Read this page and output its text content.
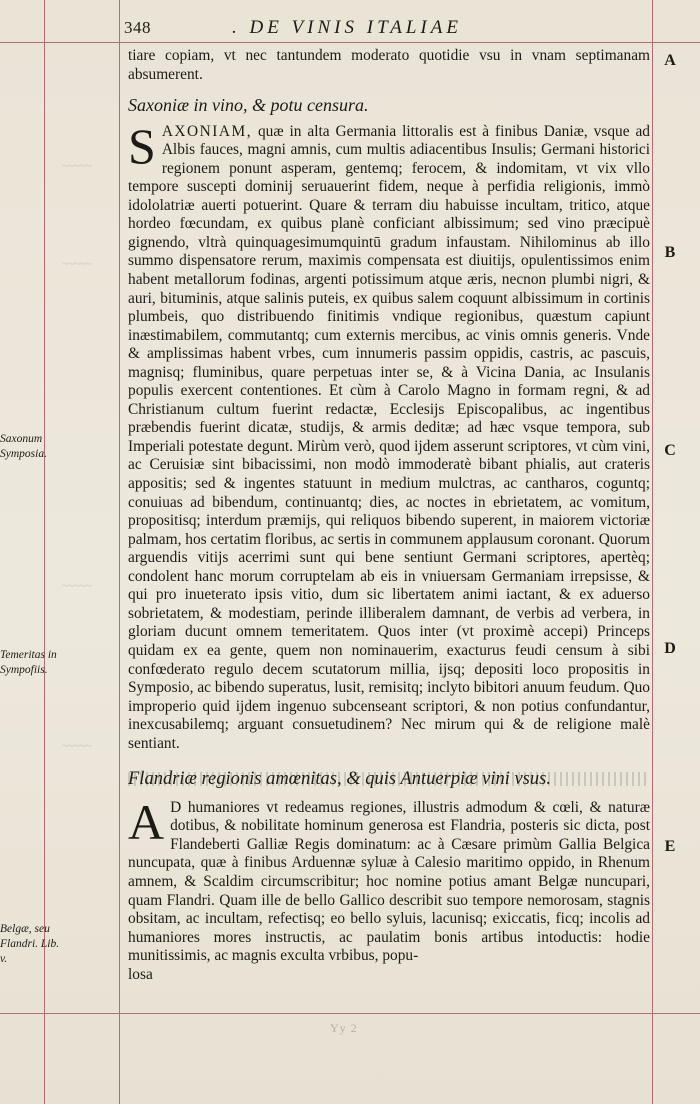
~~~~~
~~~~~
~~~~~
~~~~~
348	. DE VINIS ITALIAE
Saxonum Symposia.
Temeritas in Sympofiis.
Belgæ, seu Flandri. Lib. v.
A
B
C
D
E

tiare copiam, vt nec tantundem moderato quotidie vsu in vnam septimanam absumerent.

Saxoniæ in vino, & potu censura.

SAXONIAM, quæ in alta Germania littoralis est à finibus Daniæ, vsque ad Albis fauces, magni amnis, cum multis adiacentibus Insulis; Germani historici regionem ponunt asperam, gentemq; ferocem, & indomitam, vt vix vllo tempore suscepti dominij seruauerint fidem, neque à perfidia religionis, immò idololatriæ auerti potuerint. Quare & terram diu habuisse incultam, tritico, atque hordeo fœcundam, ex quibus planè conficiant albissimum; sed vino præcipuè gignendo, vltrà quinquagesimumquintū gradum infaustam. Nihilominus ab illo summo dispensatore rerum, maximis compensata est diuitijs, opulentissimos enim habent metallorum fodinas, argenti potissimum atque æris, necnon plumbi nigri, & auri, bituminis, atque salinis puteis, ex quibus salem coquunt albissimum in cortinis plumbeis, quo distribuendo finitimis vndique regionibus, quæstum capiunt inæstimabilem, commutantq; cum externis mercibus, ac vinis omnis generis. Vnde & amplissimas habent vrbes, cum innumeris passim oppidis, castris, ac pascuis, magnisq; fluminibus, quare perpetuas inter se, & à Vicina Dania, ac Insulanis populis exercent contentiones. Et cùm à Carolo Magno in formam regni, & ad Christianum cultum fuerint redactæ, Ecclesijs Episcopalibus, ac ingentibus præbendis fuerint dicatæ, studijs, & armis deditæ; ad hæc vsque tempora, sub Imperiali potestate degunt. Mirùm verò, quod ijdem asserunt scriptores, vt cùm vini, ac Ceruisiæ sint bibacissimi, non modò immoderatè bibant phialis, aut crateris appositis; sed & ingentes statuunt in medium mulctras, ac cantharos, coguntq; conuiuas ad bibendum, continuantq; dies, ac noctes in ebrietatem, ac vomitum, propositisq; interdum præmijs, qui reliquos bibendo superent, in maiorem victoriæ palmam, hos certatim floribus, ac sertis in communem applausum coronant. Quorum arguendis vitijs acerrimi sunt qui bene sentiunt Germani scriptores, apertèq; condolent hanc morum corruptelam ab eis in vniuersam Germaniam irrepsisse, & qui pro inueterato ipsis vitio, dum sic libertatem animi iactant, & ex aduerso sobrietatem, & modestiam, perinde illiberalem damnant, de verbis ad verbera, in gloriam ducunt omnem temeritatem. Quos inter (vt proximè accepi) Princeps quidam ex ea gente, quem non nominauerim, exacturus feudi censum à sibi confœderato regulo decem scutatorum millia, ijsq; depositi loco propositis in Symposio, ac bibendo superatus, lusit, remisitq; inclyto bibitori anuum feudum. Quo improperio quid ijdem ingenuo subcenseant scriptori, & non potius confundantur, inexcusabilemq; arguant consuetudinem? Nec mirum qui & de religione malè sentiant.

Flandriæ regionis amœnitas, & quis Antuerpiæ vini vsus.

A D humaniores vt redeamus regiones, illustris admodum & cœli, & naturæ dotibus, & nobilitate hominum generosa est Flandria, posteris sic dicta, post Flandeberti Galliæ Regis dominatum: ac à Cæsare primùm Gallia Belgica nuncupata, quæ à finibus Arduennæ syluæ à Calesio maritimo oppido, in Rhenum amnem, & Scaldim circumscribitur; hoc nomine potius amant Belgæ nuncupari, quam Flandri. Quam ille de bello Gallico describit suo tempore nemorosam, stagnis obsitam, ac incultam, refectisq; eo bello syluis, lacunisq; exiccatis, ficq; incolis ad humaniores mores instructis, ac paulatim bonis artibus intoductis: hodie munitissimis, ac magnis exculta vrbibus, popu-

losa

Yy 2
